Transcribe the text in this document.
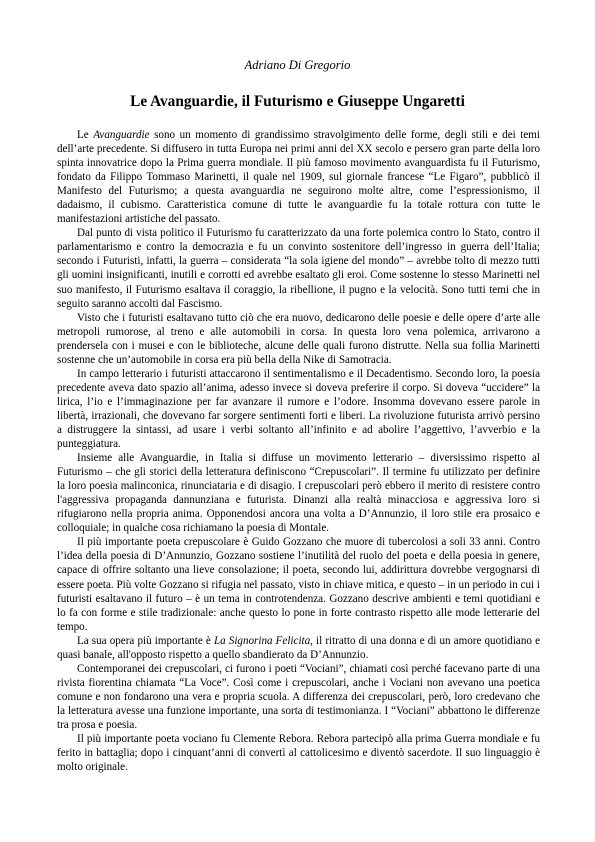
Adriano Di Gregorio
Le Avanguardie, il Futurismo e Giuseppe Ungaretti

Le Avanguardie sono un momento di grandissimo stravolgimento delle forme, degli stili e dei temi dell’arte precedente. Si diffusero in tutta Europa nei primi anni del XX secolo e persero gran parte della loro spinta innovatrice dopo la Prima guerra mondiale. Il più famoso movimento avanguardista fu il Futurismo, fondato da Filippo Tommaso Marinetti, il quale nel 1909, sul giornale francese “Le Figaro”, pubblicò il Manifesto del Futurismo; a questa avanguardia ne seguirono molte altre, come l’espressionismo, il dadaismo, il cubismo. Caratteristica comune di tutte le avanguardie fu la totale rottura con tutte le manifestazioni artistiche del passato.

Dal punto di vista politico il Futurismo fu caratterizzato da una forte polemica contro lo Stato, contro il parlamentarismo e contro la democrazia e fu un convinto sostenitore dell’ingresso in guerra dell’Italia; secondo i Futuristi, infatti, la guerra – considerata “la sola igiene del mondo” – avrebbe tolto di mezzo tutti gli uomini insignificanti, inutili e corrotti ed avrebbe esaltato gli eroi. Come sostenne lo stesso Marinetti nel suo manifesto, il Futurismo esaltava il coraggio, la ribellione, il pugno e la velocità. Sono tutti temi che in seguito saranno accolti dal Fascismo.

Visto che i futuristi esaltavano tutto ciò che era nuovo, dedicarono delle poesie e delle opere d’arte alle metropoli rumorose, al treno e alle automobili in corsa. In questa loro vena polemica, arrivarono a prendersela con i musei e con le biblioteche, alcune delle quali furono distrutte. Nella sua follia Marinetti sostenne che un’automobile in corsa era più bella della Nike di Samotracia.

In campo letterario i futuristi attaccarono il sentimentalismo e il Decadentismo. Secondo loro, la poesia precedente aveva dato spazio all’anima, adesso invece si doveva preferire il corpo. Si doveva “uccidere” la lirica, l’io e l’immaginazione per far avanzare il rumore e l’odore. Insomma dovevano essere parole in libertà, irrazionali, che dovevano far sorgere sentimenti forti e liberi. La rivoluzione futurista arrivò persino a distruggere la sintassi, ad usare i verbi soltanto all’infinito e ad abolire l’aggettivo, l’avverbio e la punteggiatura.

Insieme alle Avanguardie, in Italia si diffuse un movimento letterario – diversissimo rispetto al Futurismo – che gli storici della letteratura definiscono “Crepuscolari”. Il termine fu utilizzato per definire la loro poesia malinconica, rinunciataria e di disagio. I crepuscolari però ebbero il merito di resistere contro l'aggressiva propaganda dannunziana e futurista. Dinanzi alla realtà minacciosa e aggressiva loro si rifugiarono nella propria anima. Opponendosi ancora una volta a D’Annunzio, il loro stile era prosaico e colloquiale; in qualche cosa richiamano la poesia di Montale.

Il più importante poeta crepuscolare è Guido Gozzano che muore di tubercolosi a soli 33 anni. Contro l’idea della poesia di D’Annunzio, Gozzano sostiene l’inutilità del ruolo del poeta e della poesia in genere, capace di offrire soltanto una lieve consolazione; il poeta, secondo lui, addirittura dovrebbe vergognarsi di essere poeta. Più volte Gozzano si rifugia nel passato, visto in chiave mitica, e questo – in un periodo in cui i futuristi esaltavano il futuro – è un tema in controtendenza. Gozzano descrive ambienti e temi quotidiani e lo fa con forme e stile tradizionale: anche questo lo pone in forte contrasto rispetto alle mode letterarie del tempo.

La sua opera più importante è La Signorina Felicita, il ritratto di una donna e di un amore quotidiano e quasi banale, all'opposto rispetto a quello sbandierato da D’Annunzio.

Contemporanei dei crepuscolari, ci furono i poeti “Vociani”, chiamati così perché facevano parte di una rivista fiorentina chiamata “La Voce”. Così come i crepuscolari, anche i Vociani non avevano una poetica comune e non fondarono una vera e propria scuola. A differenza dei crepuscolari, però, loro credevano che la letteratura avesse una funzione importante, una sorta di testimonianza. I “Vociani” abbattono le differenze tra prosa e poesia.

Il più importante poeta vociano fu Clemente Rebora. Rebora partecipò alla prima Guerra mondiale e fu ferito in battaglia; dopo i cinquant’anni di convertì al cattolicesimo e diventò sacerdote. Il suo linguaggio è molto originale.
